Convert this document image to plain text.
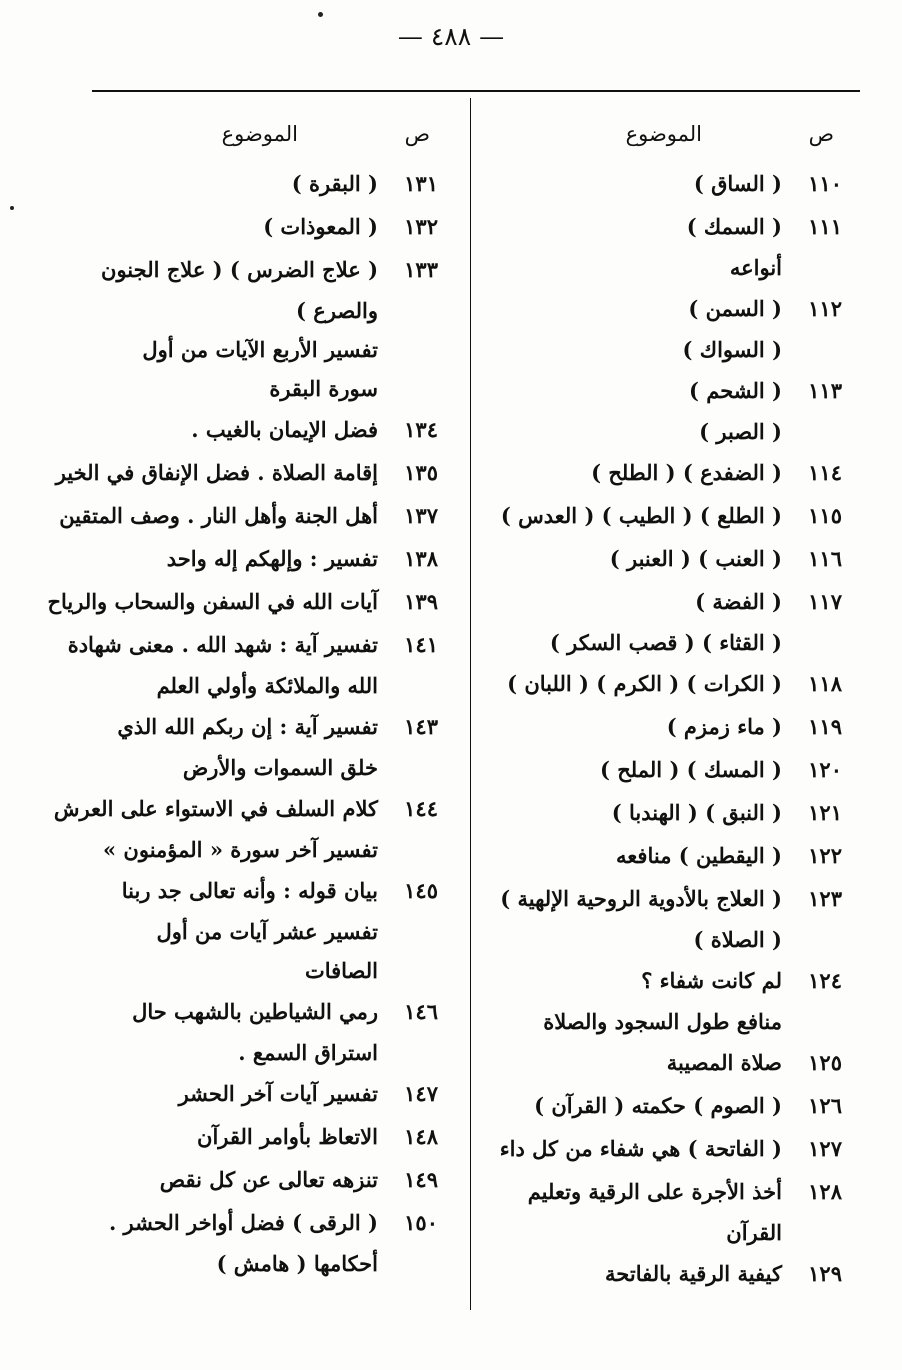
— ٤٨٨ —
ص
الموضوع
١١٠
( الساق )
١١١
( السمك )
أنواعه
١١٢
( السمن )
( السواك )
١١٣
( الشحم )
( الصبر )
١١٤
( الضفدع ) ( الطلح )
١١٥
( الطلع ) ( الطيب ) ( العدس )
١١٦
( العنب ) ( العنبر )
١١٧
( الفضة )
( القثاء ) ( قصب السكر )
١١٨
( الكرات ) ( الكرم ) ( اللبان )
١١٩
( ماء زمزم )
١٢٠
( المسك ) ( الملح )
١٢١
( النبق ) ( الهندبا )
١٢٢
( اليقطين ) منافعه
١٢٣
( العلاج بالأدوية الروحية الإلهية )
( الصلاة )
١٢٤
لم كانت شفاء ؟
منافع طول السجود والصلاة
١٢٥
صلاة المصيبة
١٢٦
( الصوم ) حكمته ( القرآن )
١٢٧
( الفاتحة ) هي شفاء من كل داء
١٢٨
أخذ الأجرة على الرقية وتعليم
القرآن
١٢٩
كيفية الرقية بالفاتحة
ص
الموضوع
١٣١
( البقرة )
١٣٢
( المعوذات )
١٣٣
( علاج الضرس ) ( علاج الجنون
والصرع )
تفسير الأربع الآيات من أول
سورة البقرة
١٣٤
فضل الإيمان بالغيب .
١٣٥
إقامة الصلاة . فضل الإنفاق في الخير
١٣٧
أهل الجنة وأهل النار . وصف المتقين
١٣٨
تفسير : وإلهكم إله واحد
١٣٩
آيات الله في السفن والسحاب والرياح
١٤١
تفسير آية : شهد الله . معنى شهادة
الله والملائكة وأولي العلم
١٤٣
تفسير آية : إن ربكم الله الذي
خلق السموات والأرض
١٤٤
كلام السلف في الاستواء على العرش
تفسير آخر سورة « المؤمنون »
١٤٥
بيان قوله : وأنه تعالى جد ربنا
تفسير عشر آيات من أول
الصافات
١٤٦
رمي الشياطين بالشهب حال
استراق السمع .
١٤٧
تفسير آيات آخر الحشر
١٤٨
الاتعاظ بأوامر القرآن
١٤٩
تنزهه تعالى عن كل نقص
١٥٠
( الرقى ) فضل أواخر الحشر .
أحكامها ( هامش )
